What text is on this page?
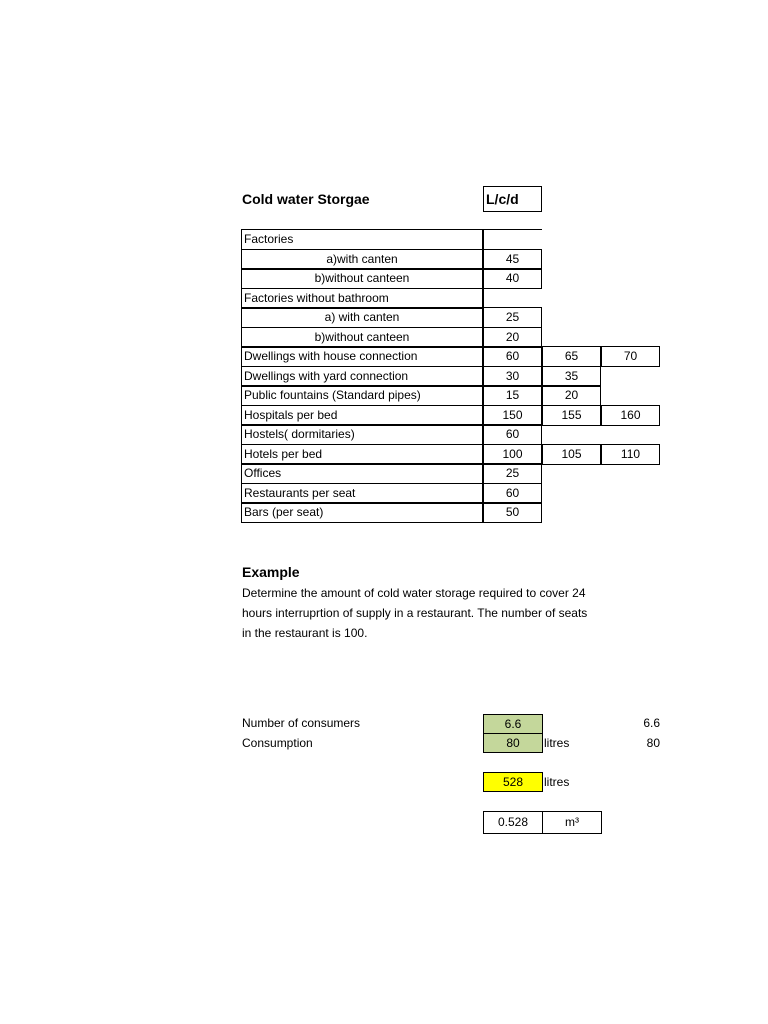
Cold water Storgae	L/c/d
Factories
a)with canten	45
b)without canteen	40
Factories without bathroom
a) with canten	25
b)without canteen	20
Dwellings with house connection	60	65	70
Dwellings with yard connection	30	35
Public fountains (Standard pipes)	15	20
Hospitals per bed	150	155	160
Hostels( dormitaries)	60
Hotels per bed	100	105	110
Offices	25
Restaurants per seat	60
Bars (per seat)	50
Example
Determine the amount of cold water storage required to cover 24
hours interruprtion of supply in a restaurant. The number of seats
in the restaurant is 100.
Number of consumers	6.6	6.6
Consumption	80	litres	80
528	litres
0.528	m³
